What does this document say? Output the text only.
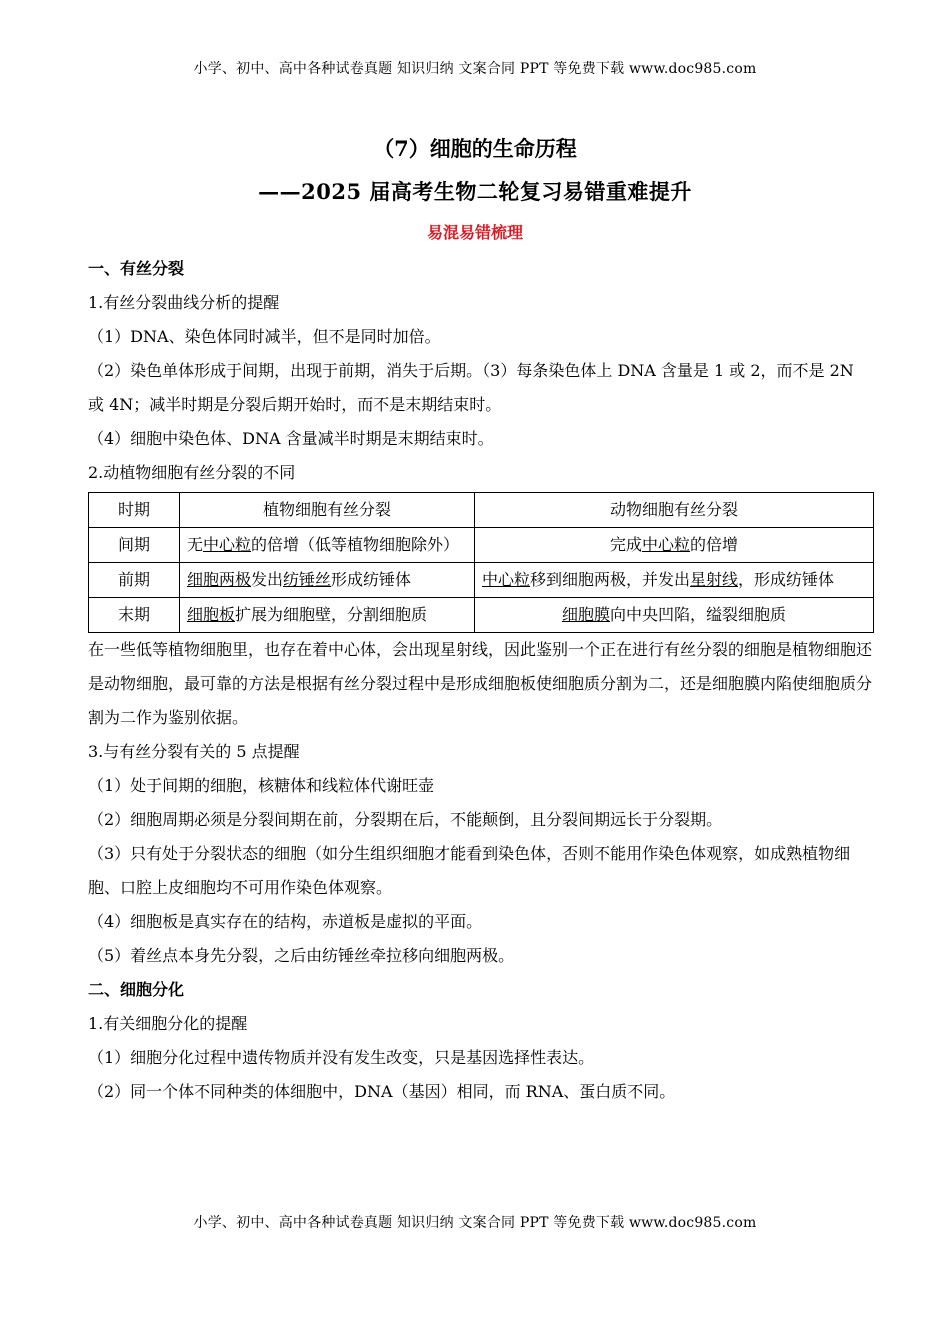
小学、初中、高中各种试卷真题 知识归纳 文案合同 PPT 等免费下载 www.doc985.com
（7）细胞的生命历程
——2025 届高考生物二轮复习易错重难提升
易混易错梳理
一、有丝分裂
1.有丝分裂曲线分析的提醒
（1）DNA、染色体同时减半，但不是同时加倍。
（2）染色单体形成于间期，出现于前期，消失于后期。（3）每条染色体上 DNA 含量是 1 或 2，而不是 2N 或 4N；减半时期是分裂后期开始时，而不是末期结束时。
（4）细胞中染色体、DNA 含量减半时期是末期结束时。
2.动植物细胞有丝分裂的不同
时期	植物细胞有丝分裂	动物细胞有丝分裂
间期	无中心粒的倍增（低等植物细胞除外）	完成中心粒的倍增
前期	细胞两极发出纺锤丝形成纺锤体	中心粒移到细胞两极，并发出星射线，形成纺锤体
末期	细胞板扩展为细胞壁，分割细胞质	细胞膜向中央凹陷，缢裂细胞质
在一些低等植物细胞里，也存在着中心体，会出现星射线，因此鉴别一个正在进行有丝分裂的细胞是植物细胞还是动物细胞，最可靠的方法是根据有丝分裂过程中是形成细胞板使细胞质分割为二，还是细胞膜内陷使细胞质分割为二作为鉴别依据。
3.与有丝分裂有关的 5 点提醒
（1）处于间期的细胞，核糖体和线粒体代谢旺壶
（2）细胞周期必须是分裂间期在前，分裂期在后，不能颠倒，且分裂间期远长于分裂期。
（3）只有处于分裂状态的细胞（如分生组织细胞才能看到染色体，否则不能用作染色体观察，如成熟植物细胞、口腔上皮细胞均不可用作染色体观察。
（4）细胞板是真实存在的结构，赤道板是虚拟的平面。
（5）着丝点本身先分裂，之后由纺锤丝牵拉移向细胞两极。
二、细胞分化
1.有关细胞分化的提醒
（1）细胞分化过程中遗传物质并没有发生改变，只是基因选择性表达。
（2）同一个体不同种类的体细胞中，DNA（基因）相同，而 RNA、蛋白质不同。
小学、初中、高中各种试卷真题 知识归纳 文案合同 PPT 等免费下载 www.doc985.com
